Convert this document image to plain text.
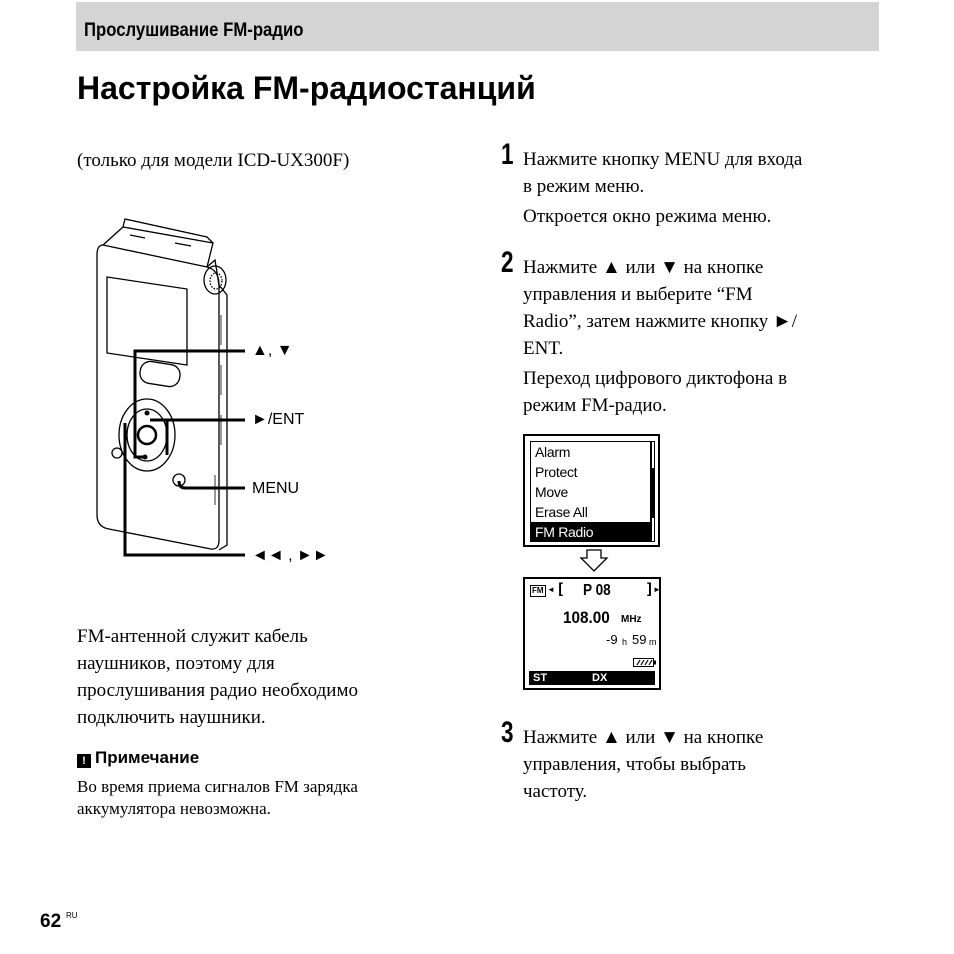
Прослушивание FM-радио
Настройка FM-радиостанций
(только для модели ICD-UX300F)
▲, ▼
►/ENT
MENU
◄◄ , ►►
FM-антенной служит кабель
наушников, поэтому для
прослушивания радио необходимо
подключить наушники.
! Примечание
Во время приема сигналов FM зарядка
аккумулятора невозможна.
1 Нажмите кнопку MENU для входа
в режим меню.
Откроется окно режима меню.
2 Нажмите ▲ или ▼ на кнопке
управления и выберите “FM
Radio”, затем нажмите кнопку ►/
ENT.
Переход цифрового диктофона в
режим FM-радио.
Alarm
Protect
Move
Erase All
FM Radio
FM ◄ [ P 08 ]
►
108.00 MHz
-9 h 59 m
ST	DX
3 Нажмите ▲ или ▼ на кнопке
управления, чтобы выбрать
частоту.
62 RU
